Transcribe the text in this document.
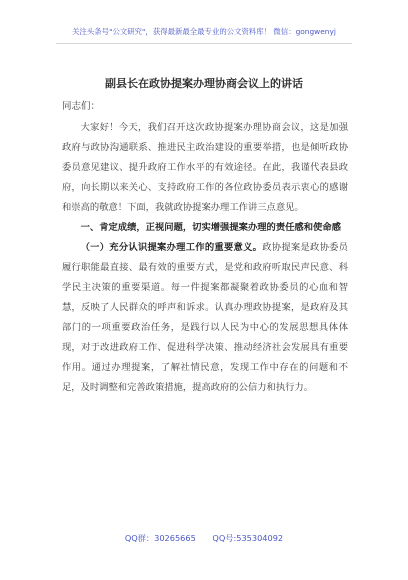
关注头条号"公文研究"，获得最新最全最专业的公文资料库！ 微信：gongwenyj
副县长在政协提案办理协商会议上的讲话
同志们：

大家好！今天，我们召开这次政协提案办理协商会议，这是加强政府与政协沟通联系、推进民主政治建设的重要举措，也是倾听政协委员意见建议、提升政府工作水平的有效途径。在此，我谨代表县政府，向长期以来关心、支持政府工作的各位政协委员表示衷心的感谢和崇高的敬意！下面，我就政协提案办理工作讲三点意见。

一、肯定成绩，正视问题，切实增强提案办理的责任感和使命感

（一）充分认识提案办理工作的重要意义。政协提案是政协委员履行职能最直接、最有效的重要方式，是党和政府听取民声民意、科学民主决策的重要渠道。每一件提案都凝聚着政协委员的心血和智慧，反映了人民群众的呼声和诉求。认真办理政协提案，是政府及其部门的一项重要政治任务，是践行以人民为中心的发展思想具体体现，对于改进政府工作、促进科学决策、推动经济社会发展具有重要作用。通过办理提案，了解社情民意，发现工作中存在的问题和不足，及时调整和完善政策措施，提高政府的公信力和执行力。

QQ群：30265665 QQ号:535304092
